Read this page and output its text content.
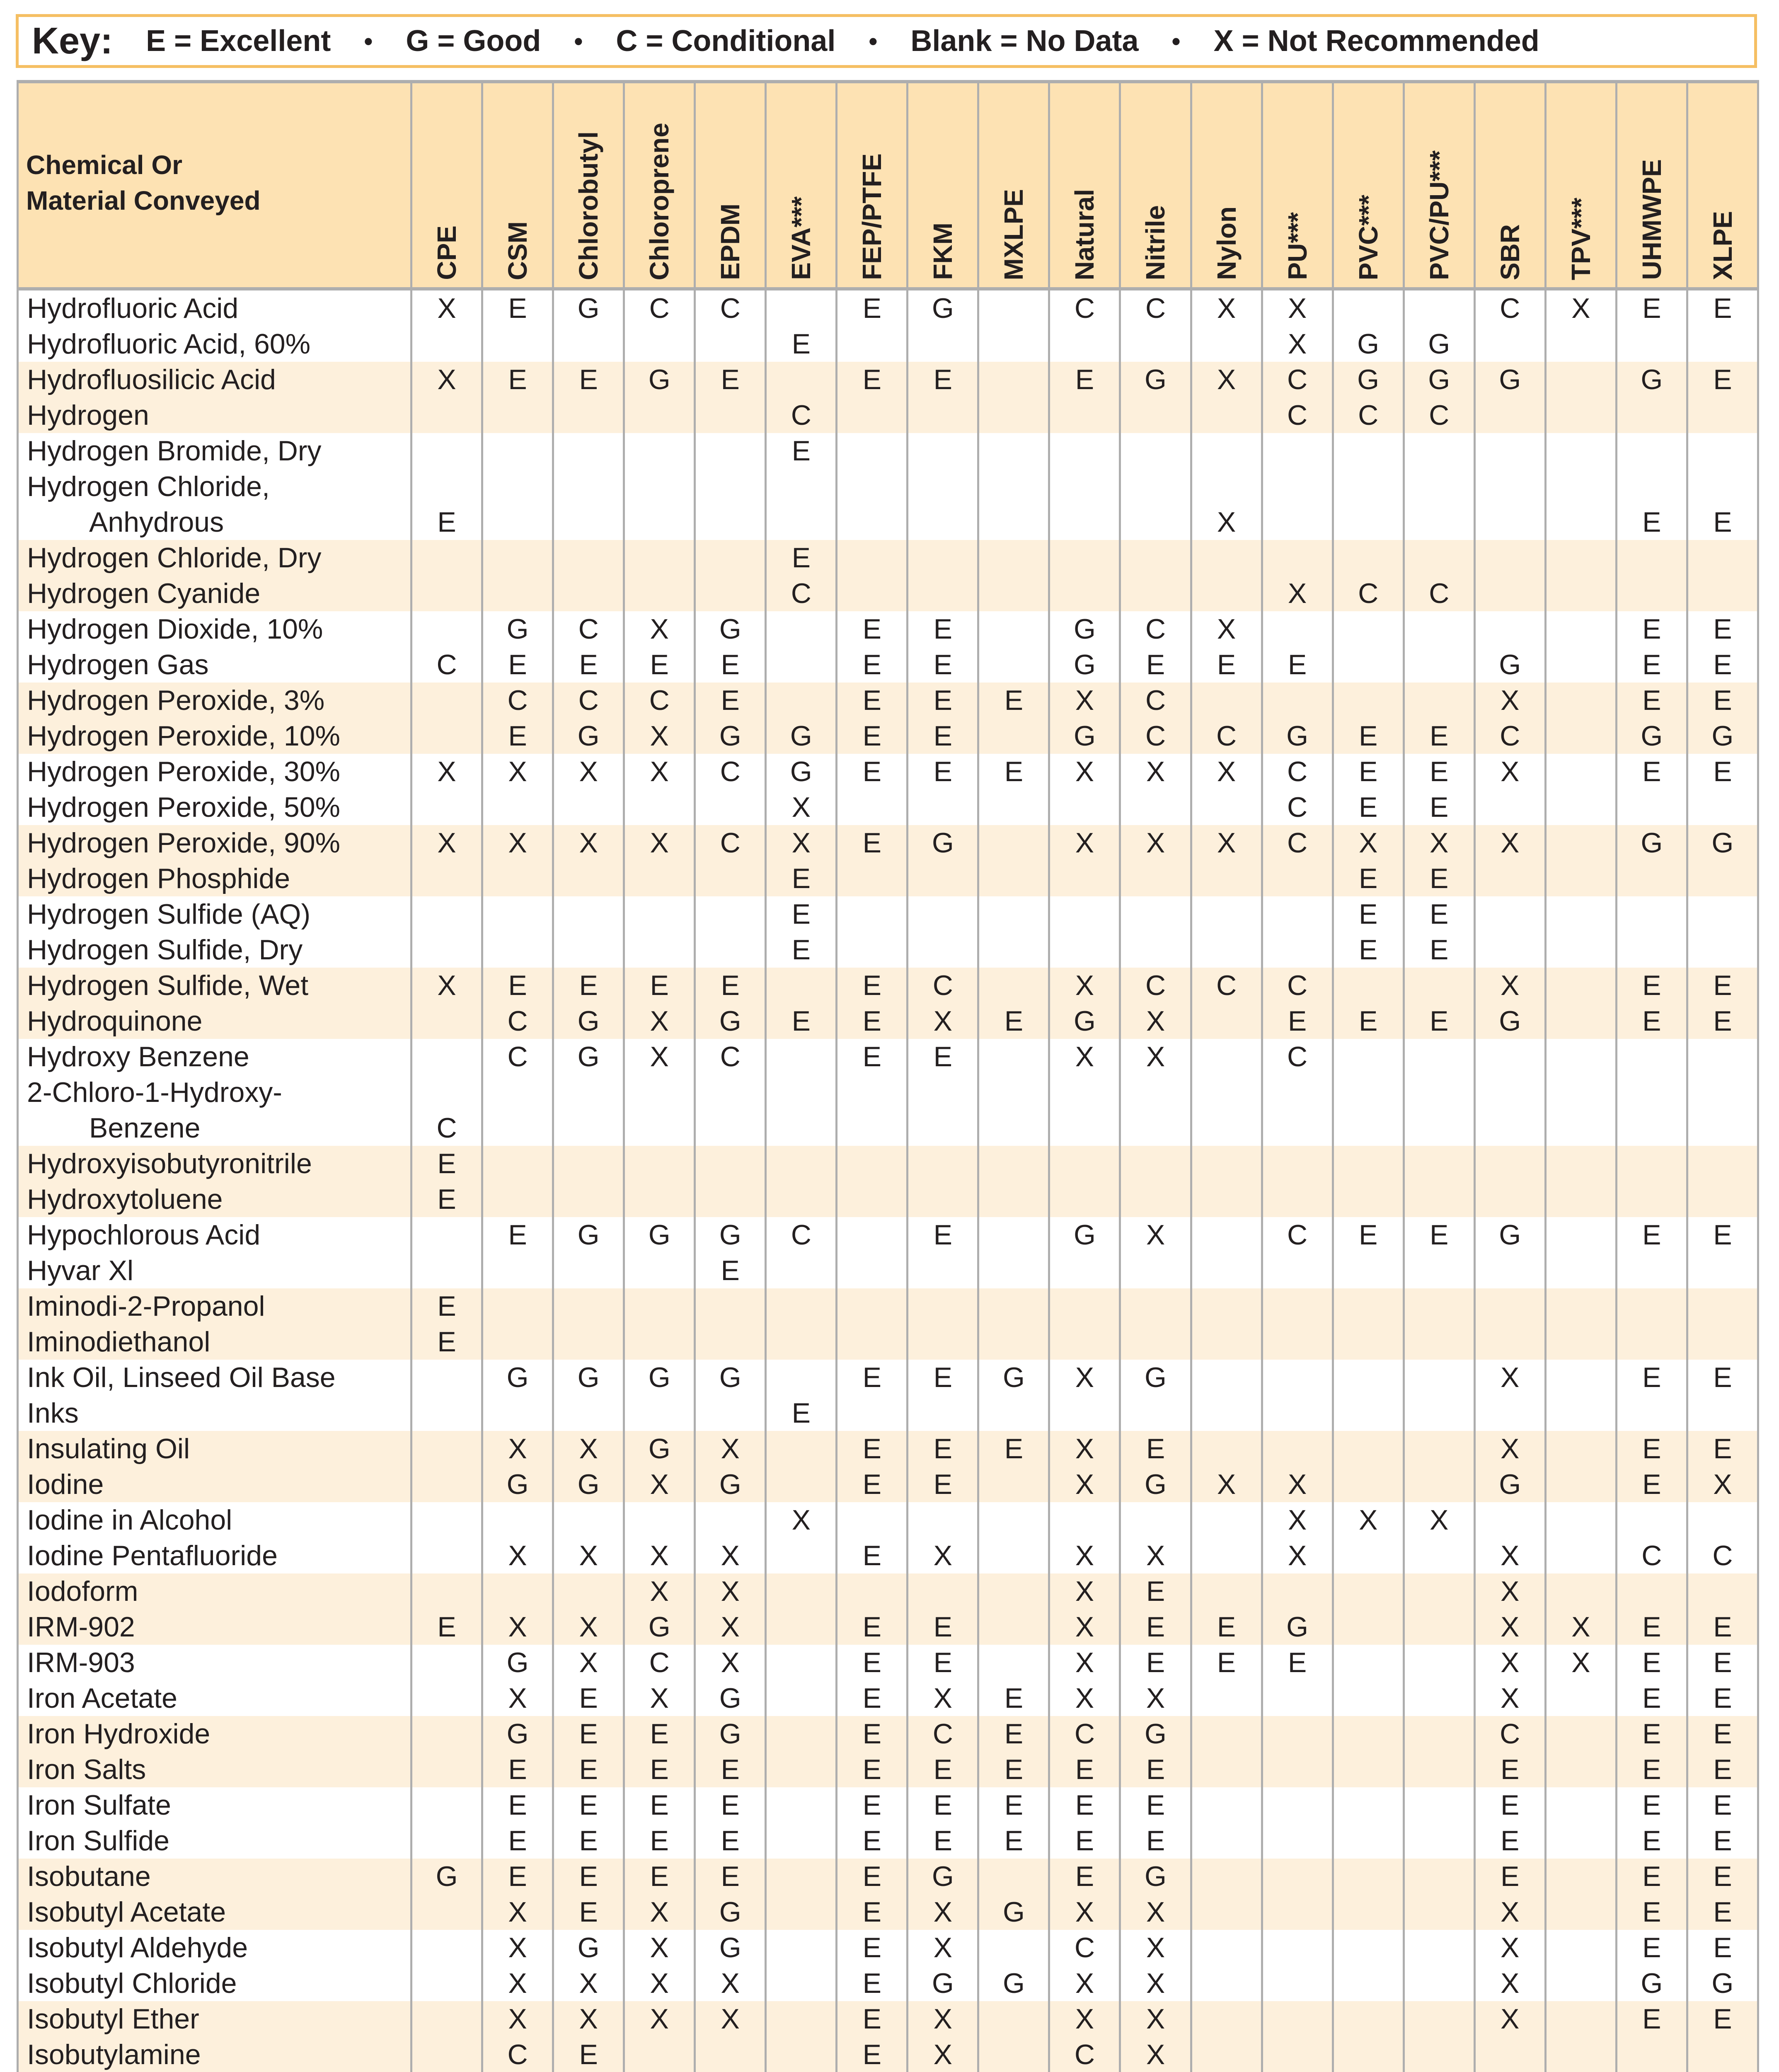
Key: E = Excellent • G = Good • C = Conditional • Blank = No Data • X = Not Recommended
Chemical Or
Material Conveyed	CPE	CSM	Chlorobutyl	Chloroprene	EPDM	EVA***	FEP/PTFE	FKM	MXLPE	Natural	Nitrile	Nylon	PU***	PVC***	PVC/PU***	SBR	TPV***	UHMWPE	XLPE

Hydrofluoric Acid	X	E	G	C	C		E	G		C	C	X	X			C	X	E	E

Hydrofluoric Acid, 60%						E							X	G	G				

Hydrofluosilicic Acid	X	E	E	G	E		E	E		E	G	X	C	G	G	G		G	E

Hydrogen						C							C	C	C				

Hydrogen Bromide, Dry						E													

Hydrogen Chloride,
Anhydrous	E											X						E	E

Hydrogen Chloride, Dry						E													

Hydrogen Cyanide						C							X	C	C				

Hydrogen Dioxide, 10%		G	C	X	G		E	E		G	C	X						E	E

Hydrogen Gas	C	E	E	E	E		E	E		G	E	E	E			G		E	E

Hydrogen Peroxide, 3%		C	C	C	E		E	E	E	X	C					X		E	E

Hydrogen Peroxide, 10%		E	G	X	G	G	E	E		G	C	C	G	E	E	C		G	G

Hydrogen Peroxide, 30%	X	X	X	X	C	G	E	E	E	X	X	X	C	E	E	X		E	E

Hydrogen Peroxide, 50%						X							C	E	E				

Hydrogen Peroxide, 90%	X	X	X	X	C	X	E	G		X	X	X	C	X	X	X		G	G

Hydrogen Phosphide						E								E	E				

Hydrogen Sulfide (AQ)						E								E	E				

Hydrogen Sulfide, Dry						E								E	E				

Hydrogen Sulfide, Wet	X	E	E	E	E		E	C		X	C	C	C			X		E	E

Hydroquinone		C	G	X	G	E	E	X	E	G	X		E	E	E	G		E	E

Hydroxy Benzene		C	G	X	C		E	E		X	X		C						

2-Chloro-1-Hydroxy-
Benzene	C																		

Hydroxyisobutyronitrile	E																		

Hydroxytoluene	E																		

Hypochlorous Acid		E	G	G	G	C		E		G	X		C	E	E	G		E	E

Hyvar Xl					E														

Iminodi-2-Propanol	E																		

Iminodiethanol	E																		

Ink Oil, Linseed Oil Base		G	G	G	G		E	E	G	X	G					X		E	E

Inks						E													

Insulating Oil		X	X	G	X		E	E	E	X	E					X		E	E

Iodine		G	G	X	G		E	E		X	G	X	X			G		E	X

Iodine in Alcohol						X							X	X	X				

Iodine Pentafluoride		X	X	X	X		E	X		X	X		X			X		C	C

Iodoform				X	X					X	E					X			

IRM-902	E	X	X	G	X		E	E		X	E	E	G			X	X	E	E

IRM-903		G	X	C	X		E	E		X	E	E	E			X	X	E	E

Iron Acetate		X	E	X	G		E	X	E	X	X					X		E	E

Iron Hydroxide		G	E	E	G		E	C	E	C	G					C		E	E

Iron Salts		E	E	E	E		E	E	E	E	E					E		E	E

Iron Sulfate		E	E	E	E		E	E	E	E	E					E		E	E

Iron Sulfide		E	E	E	E		E	E	E	E	E					E		E	E

Isobutane	G	E	E	E	E		E	G		E	G					E		E	E

Isobutyl Acetate		X	E	X	G		E	X	G	X	X					X		E	E

Isobutyl Aldehyde		X	G	X	G		E	X		C	X					X		E	E

Isobutyl Chloride		X	X	X	X		E	G	G	X	X					X		G	G

Isobutyl Ether		X	X	X	X		E	X		X	X					X		E	E

Isobutylamine		C	E				E	X		C	X								
